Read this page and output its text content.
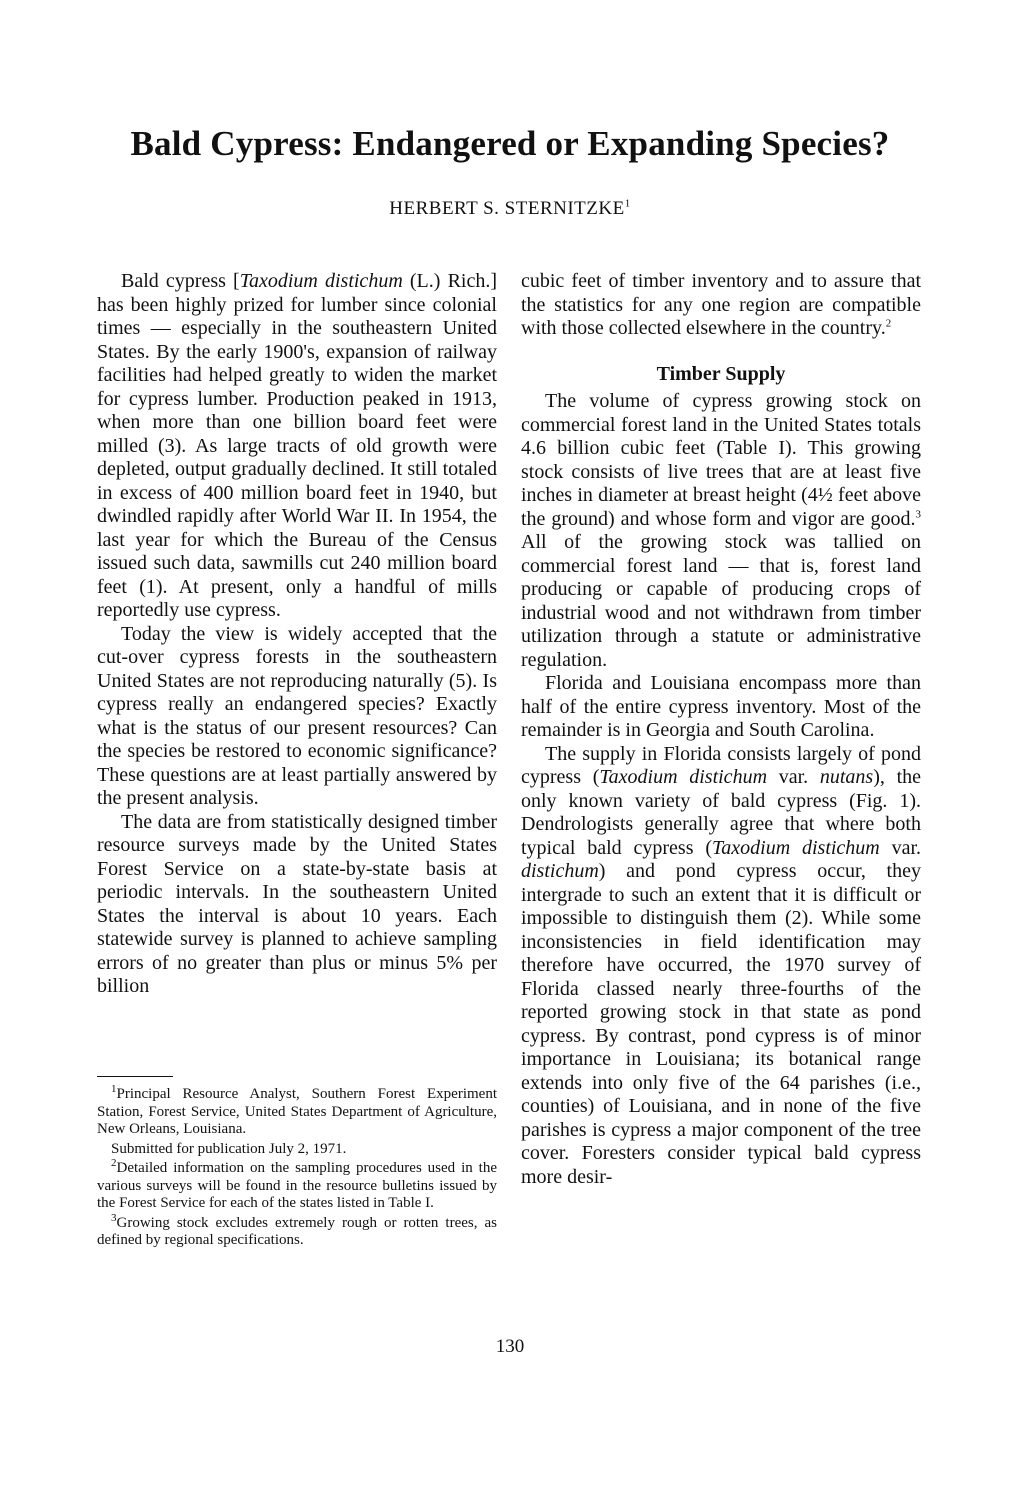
Bald Cypress: Endangered or Expanding Species?
HERBERT S. STERNITZKE$^1$

Bald cypress [Taxodium distichum (L.) Rich.] has been highly prized for lumber since colonial times — especially in the southeastern United States. By the early 1900's, expansion of railway facilities had helped greatly to widen the market for cypress lumber. Production peaked in 1913, when more than one billion board feet were milled (3). As large tracts of old growth were depleted, output gradually declined. It still totaled in excess of 400 million board feet in 1940, but dwindled rapidly after World War II. In 1954, the last year for which the Bureau of the Census issued such data, sawmills cut 240 million board feet (1). At present, only a handful of mills reportedly use cypress.

Today the view is widely accepted that the cut-over cypress forests in the southeastern United States are not reproducing naturally (5). Is cypress really an endangered species? Exactly what is the status of our present resources? Can the species be restored to economic significance? These questions are at least partially answered by the present analysis.

The data are from statistically designed timber resource surveys made by the United States Forest Service on a state-by-state basis at periodic intervals. In the southeastern United States the interval is about 10 years. Each statewide survey is planned to achieve sampling errors of no greater than plus or minus 5% per billion

$^1$Principal Resource Analyst, Southern Forest Experiment Station, Forest Service, United States Department of Agriculture, New Orleans, Louisiana.

Submitted for publication July 2, 1971.

$^2$Detailed information on the sampling procedures used in the various surveys will be found in the resource bulletins issued by the Forest Service for each of the states listed in Table I.

$^3$Growing stock excludes extremely rough or rotten trees, as defined by regional specifications.

cubic feet of timber inventory and to assure that the statistics for any one region are compatible with those collected elsewhere in the country.$^2$

Timber Supply

The volume of cypress growing stock on commercial forest land in the United States totals 4.6 billion cubic feet (Table I). This growing stock consists of live trees that are at least five inches in diameter at breast height (4½ feet above the ground) and whose form and vigor are good.$^3$ All of the growing stock was tallied on commercial forest land — that is, forest land producing or capable of producing crops of industrial wood and not withdrawn from timber utilization through a statute or administrative regulation.

Florida and Louisiana encompass more than half of the entire cypress inventory. Most of the remainder is in Georgia and South Carolina.

The supply in Florida consists largely of pond cypress (Taxodium distichum var. nutans), the only known variety of bald cypress (Fig. 1). Dendrologists generally agree that where both typical bald cypress (Taxodium distichum var. distichum) and pond cypress occur, they intergrade to such an extent that it is difficult or impossible to distinguish them (2). While some inconsistencies in field identification may therefore have occurred, the 1970 survey of Florida classed nearly three-fourths of the reported growing stock in that state as pond cypress. By contrast, pond cypress is of minor importance in Louisiana; its botanical range extends into only five of the 64 parishes (i.e., counties) of Louisiana, and in none of the five parishes is cypress a major component of the tree cover. Foresters consider typical bald cypress more desir-

130
